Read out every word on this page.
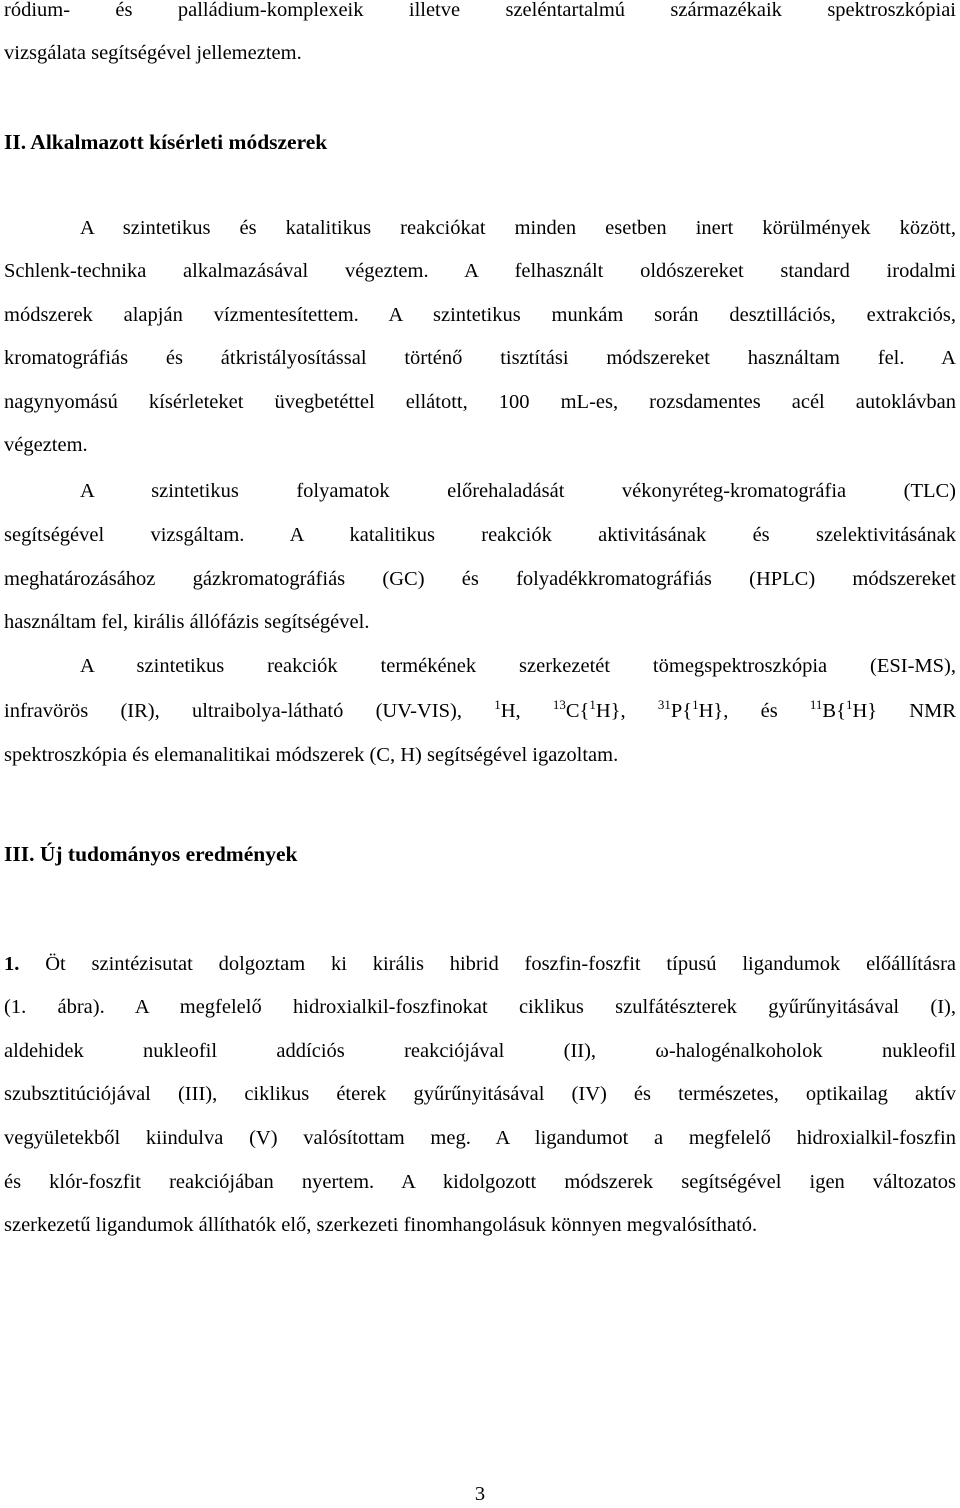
ródium- és palládium-komplexeik illetve szeléntartalmú származékaik spektroszkópiai
vizsgálata segítségével jellemeztem.
II. Alkalmazott kísérleti módszerek
A szintetikus és katalitikus reakciókat minden esetben inert körülmények között,
Schlenk-technika alkalmazásával végeztem. A felhasznált oldószereket standard irodalmi
módszerek alapján vízmentesítettem. A szintetikus munkám során desztillációs, extrakciós,
kromatográfiás és átkristályosítással történő tisztítási módszereket használtam fel. A
nagynyomású kísérleteket üvegbetéttel ellátott, 100 mL-es, rozsdamentes acél autoklávban
végeztem.
A szintetikus folyamatok előrehaladását vékonyréteg-kromatográfia (TLC)
segítségével vizsgáltam. A katalitikus reakciók aktivitásának és szelektivitásának
meghatározásához gázkromatográfiás (GC) és folyadékkromatográfiás (HPLC) módszereket
használtam fel, királis állófázis segítségével.
A szintetikus reakciók termékének szerkezetét tömegspektroszkópia (ESI-MS),
infravörös (IR), ultraibolya-látható (UV-VIS), $^1$H, $^{13}$C{$^1$H}, $^{31}$P{$^1$H}, és $^{11}$B{$^1$H} NMR
spektroszkópia és elemanalitikai módszerek (C, H) segítségével igazoltam.
III. Új tudományos eredmények
1. Öt szintézisutat dolgoztam ki királis hibrid foszfin-foszfit típusú ligandumok előállításra
(1. ábra). A megfelelő hidroxialkil-foszfinokat ciklikus szulfátészterek gyűrűnyitásával (I),
aldehidek nukleofil addíciós reakciójával (II), ω-halogénalkoholok nukleofil
szubsztitúciójával (III), ciklikus éterek gyűrűnyitásával (IV) és természetes, optikailag aktív
vegyületekből kiindulva (V) valósítottam meg. A ligandumot a megfelelő hidroxialkil-foszfin
és klór-foszfit reakciójában nyertem. A kidolgozott módszerek segítségével igen változatos
szerkezetű ligandumok állíthatók elő, szerkezeti finomhangolásuk könnyen megvalósítható.
3
